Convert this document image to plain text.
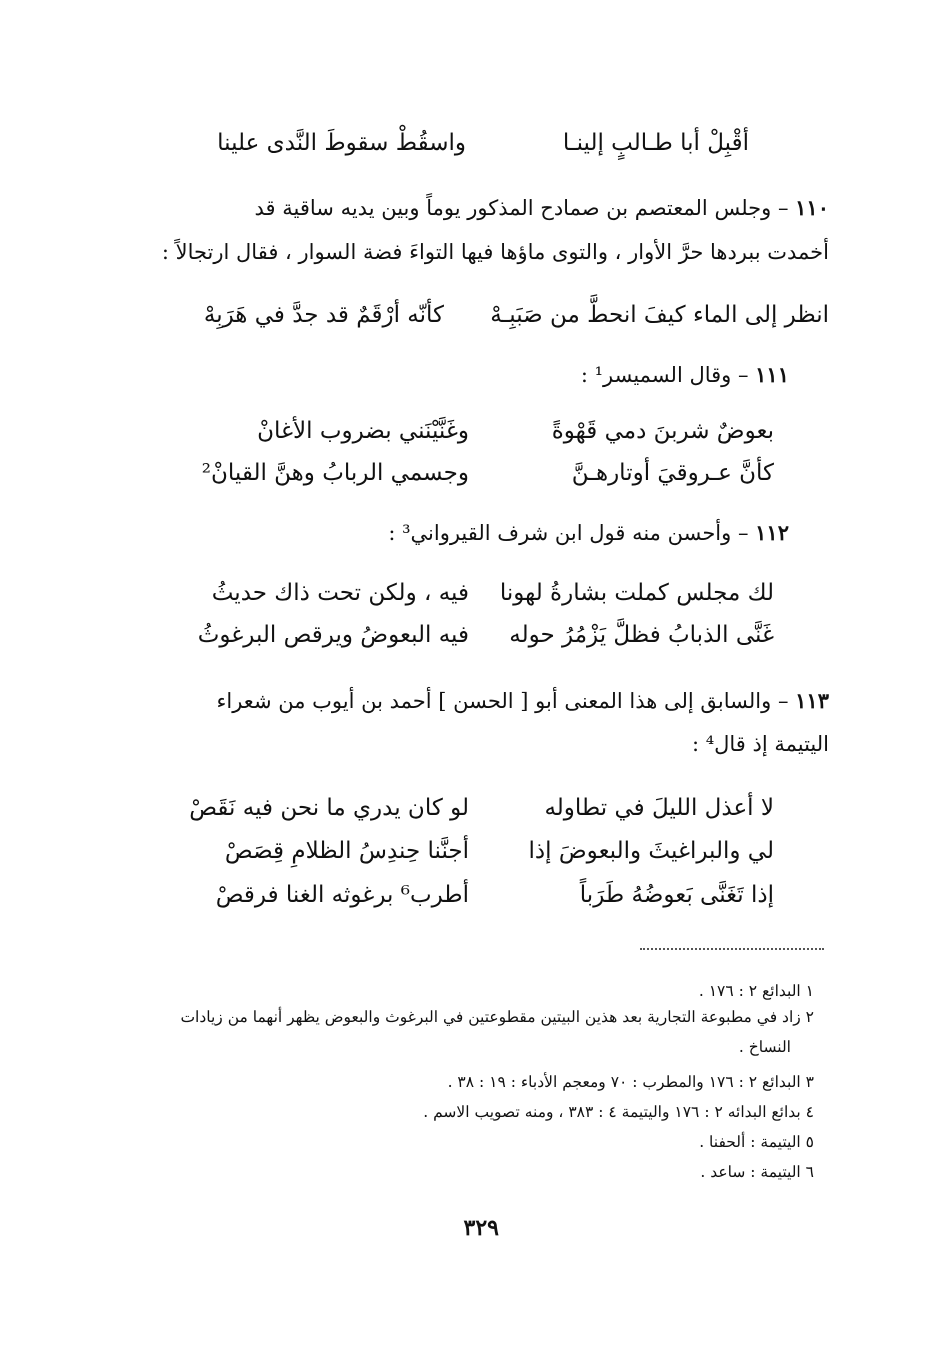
أقْبِلْ أبا طـالبٍ إلينـا
واسقُطْ سقوطَ النَّدى علينا
١١٠ – وجلس المعتصم بن صمادح المذكور يوماً وبين يديه ساقية قد
أخمدت ببردها حرَّ الأوار ، والتوى ماؤها فيها التواءَ فضة السوار ، فقال ارتجالاً :
انظر إلى الماء كيفَ انحطَّ من صَبَبِـهْ
كأنّه أرْقَمٌ قد جدَّ في هَرَبِهْ
١١١ – وقال السميسر¹ :
بعوضٌ شربنَ دمي قَهْوةً
وغَنَّيْنَني بضروب الأغانْ
كأنَّ عـروقيَ أوتارهـنَّ
وجسمي الربابُ وهنَّ القيانْ²
١١٢ – وأحسن منه قول ابن شرف القيرواني³ :
لك مجلس كملت بشارةُ لهونا
فيه ، ولكن تحت ذاك حديثُ
غَنَّى الذبابُ فظلَّ يَزْمُرُ حوله
فيه البعوضُ ويرقص البرغوثُ
١١٣ – والسابق إلى هذا المعنى أبو [ الحسن ] أحمد بن أيوب من شعراء
اليتيمة إذ قال⁴ :
لا أعذل الليلَ في تطاوله
لو كان يدري ما نحن فيه نَقَصْ
لي والبراغيثَ والبعوضَ إذا
أجنَّنا حِندِسُ الظلامِ قِصَصْ
إذا تَغَنَّى بَعوضُهُ طَرَباً
أطرب⁶ برغوثه الغنا فرقصْ
١ البدائع ٢ : ١٧٦ .
٢ زاد في مطبوعة التجارية بعد هذين البيتين مقطوعتين في البرغوث والبعوض يظهر أنهما من زيادات
النساخ .
٣ البدائع ٢ : ١٧٦ والمطرب : ٧٠ ومعجم الأدباء : ١٩ : ٣٨ .
٤ بدائع البدائه ٢ : ١٧٦ واليتيمة ٤ : ٣٨٣ ، ومنه تصويب الاسم .
٥ اليتيمة : ألحفنا .
٦ اليتيمة : ساعد .
٣٢٩
